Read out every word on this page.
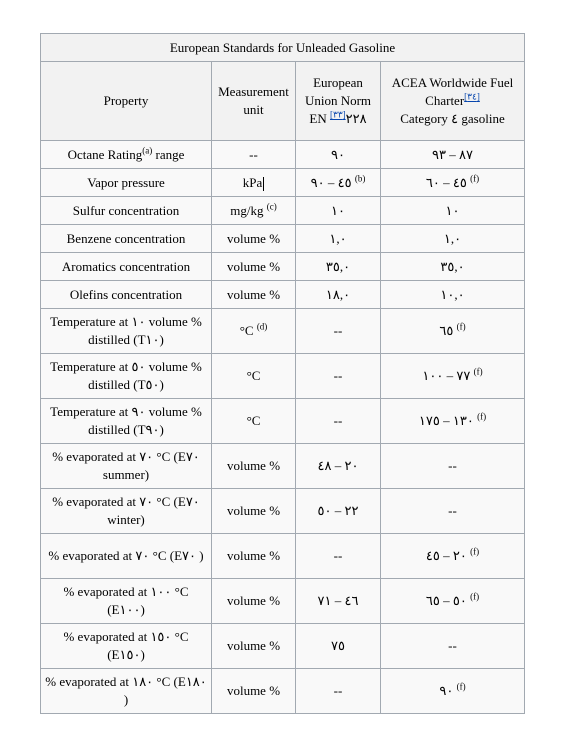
European Standards for Unleaded Gasoline
Property	Measurement unit	European Union Norm EN ٢٢٨[٣٣]	ACEA Worldwide Fuel Charter[٣٤]
Category ٤ gasoline
Octane Rating$^{(a)}$ range	--	٩٠	٨٧ – ٩٣
Vapor pressure	kPa	٤٥ – ٩٠ $^{(b)}$	٤٥ – ٦٠ $^{(f)}$
Sulfur concentration	mg/kg $^{(c)}$	١٠	١٠
Benzene concentration	volume %	١,٠	١,٠
Aromatics concentration	volume %	٣٥,٠	٣٥,٠
Olefins concentration	volume %	١٨,٠	١٠,٠
Temperature at ١٠ volume % distilled (T١٠)	°C $^{(d)}$	--	٦٥ $^{(f)}$
Temperature at ٥٠ volume % distilled (T٥٠)	°C	--	٧٧ – ١٠٠ $^{(f)}$
Temperature at ٩٠ volume % distilled (T٩٠)	°C	--	١٣٠ – ١٧٥ $^{(f)}$
% evaporated at ٧٠ °C (E٧٠ summer)	volume %	٢٠ – ٤٨	--
% evaporated at ٧٠ °C (E٧٠ winter)	volume %	٢٢ – ٥٠	--
% evaporated at ٧٠ °C (E٧٠ )	volume %	--	٢٠ – ٤٥ $^{(f)}$
% evaporated at ١٠٠ °C (E١٠٠)	volume %	٤٦ – ٧١	٥٠ – ٦٥ $^{(f)}$
% evaporated at ١٥٠ °C (E١٥٠)	volume %	٧٥	--
% evaporated at ١٨٠ °C (E١٨٠ )	volume %	--	٩٠ $^{(f)}$
